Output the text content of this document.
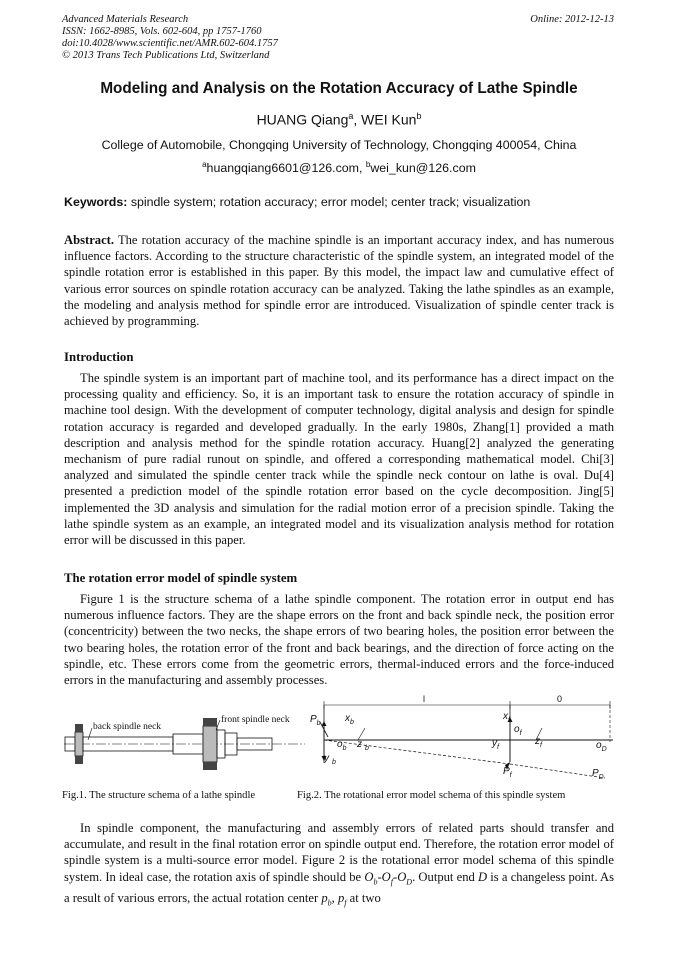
Advanced Materials Research
ISSN: 1662-8985, Vols. 602-604, pp 1757-1760
doi:10.4028/www.scientific.net/AMR.602-604.1757
© 2013 Trans Tech Publications Ltd, Switzerland
Online: 2012-12-13
Modeling and Analysis on the Rotation Accuracy of Lathe Spindle
HUANG Qiang$^a$, WEI Kun$^b$
College of Automobile, Chongqing University of Technology, Chongqing 400054, China
$^a$huangqiang6601@126.com, $^b$wei_kun@126.com
Keywords: spindle system; rotation accuracy; error model; center track; visualization
Abstract. The rotation accuracy of the machine spindle is an important accuracy index, and has numerous influence factors. According to the structure characteristic of the spindle system, an integrated model of the spindle rotation error is established in this paper. By this model, the impact law and cumulative effect of various error sources on spindle rotation accuracy can be analyzed. Taking the lathe spindles as an example, the modeling and analysis method for spindle error are introduced. Visualization of spindle center track is achieved by programming.
Introduction
The spindle system is an important part of machine tool, and its performance has a direct impact on the processing quality and efficiency. So, it is an important task to ensure the rotation accuracy of spindle in machine tool design. With the development of computer technology, digital analysis and design for spindle rotation accuracy is regarded and developed gradually. In the early 1980s, Zhang[1] provided a math description and analysis method for the spindle rotation accuracy. Huang[2] analyzed the generating mechanism of pure radial runout on spindle, and offered a corresponding mathematical model. Chi[3] analyzed and simulated the spindle center track while the spindle neck contour on lathe is oval. Du[4] presented a prediction model of the spindle rotation error based on the cycle decomposition. Jing[5] implemented the 3D analysis and simulation for the radial motion error of a precision spindle. Taking the lathe spindle system as an example, an integrated model and its visualization analysis method for rotation error will be discussed in this paper.
The rotation error model of spindle system
Figure 1 is the structure schema of a lathe spindle component. The rotation error in output end has numerous influence factors. They are the shape errors on the front and back spindle neck, the position error (concentricity) between the two necks, the shape errors of two bearing holes, the position error between the two bearing holes, the rotation error of the front and back bearings, and the direction of force acting on the spindle, etc. These errors come from the geometric errors, thermal-induced errors and the force-induced errors in the manufacturing and assembly processes.
back spindle neck
front spindle neck $P_b$ $x_b$
$o_b$ z $_b$
y $_b$
$x_f$
$o_f$
$y_f$
$z_f$
$P_f$
$o_D$
$P_D$
l	0
Fig.1. The structure schema of a lathe spindle	Fig.2. The rotational error model schema of this spindle system
In spindle component, the manufacturing and assembly errors of related parts should transfer and accumulate, and result in the final rotation error on spindle output end. Therefore, the rotation error model of spindle system is a multi-source error model. Figure 2 is the rotational error model schema of this spindle system. In ideal case, the rotation axis of spindle should be $O_b-O_f-O_D$. Output end D is a changeless point. As a result of various errors, the actual rotation center $p_b$, $p_f$ at two
